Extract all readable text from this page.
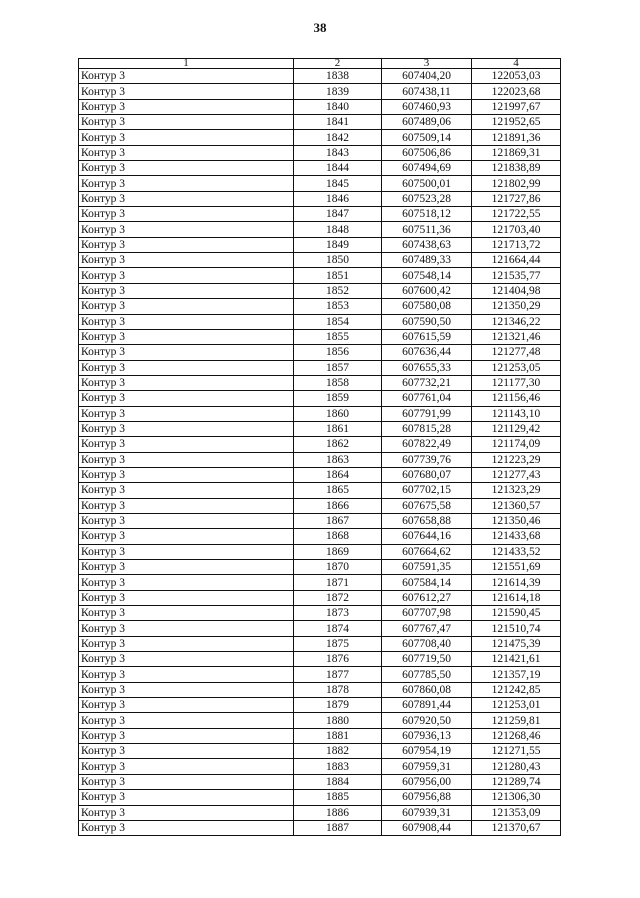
38
1	2	3	4
Контур 3	1838	607404,20	122053,03
Контур 3	1839	607438,11	122023,68
Контур 3	1840	607460,93	121997,67
Контур 3	1841	607489,06	121952,65
Контур 3	1842	607509,14	121891,36
Контур 3	1843	607506,86	121869,31
Контур 3	1844	607494,69	121838,89
Контур 3	1845	607500,01	121802,99
Контур 3	1846	607523,28	121727,86
Контур 3	1847	607518,12	121722,55
Контур 3	1848	607511,36	121703,40
Контур 3	1849	607438,63	121713,72
Контур 3	1850	607489,33	121664,44
Контур 3	1851	607548,14	121535,77
Контур 3	1852	607600,42	121404,98
Контур 3	1853	607580,08	121350,29
Контур 3	1854	607590,50	121346,22
Контур 3	1855	607615,59	121321,46
Контур 3	1856	607636,44	121277,48
Контур 3	1857	607655,33	121253,05
Контур 3	1858	607732,21	121177,30
Контур 3	1859	607761,04	121156,46
Контур 3	1860	607791,99	121143,10
Контур 3	1861	607815,28	121129,42
Контур 3	1862	607822,49	121174,09
Контур 3	1863	607739,76	121223,29
Контур 3	1864	607680,07	121277,43
Контур 3	1865	607702,15	121323,29
Контур 3	1866	607675,58	121360,57
Контур 3	1867	607658,88	121350,46
Контур 3	1868	607644,16	121433,68
Контур 3	1869	607664,62	121433,52
Контур 3	1870	607591,35	121551,69
Контур 3	1871	607584,14	121614,39
Контур 3	1872	607612,27	121614,18
Контур 3	1873	607707,98	121590,45
Контур 3	1874	607767,47	121510,74
Контур 3	1875	607708,40	121475,39
Контур 3	1876	607719,50	121421,61
Контур 3	1877	607785,50	121357,19
Контур 3	1878	607860,08	121242,85
Контур 3	1879	607891,44	121253,01
Контур 3	1880	607920,50	121259,81
Контур 3	1881	607936,13	121268,46
Контур 3	1882	607954,19	121271,55
Контур 3	1883	607959,31	121280,43
Контур 3	1884	607956,00	121289,74
Контур 3	1885	607956,88	121306,30
Контур 3	1886	607939,31	121353,09
Контур 3	1887	607908,44	121370,67
